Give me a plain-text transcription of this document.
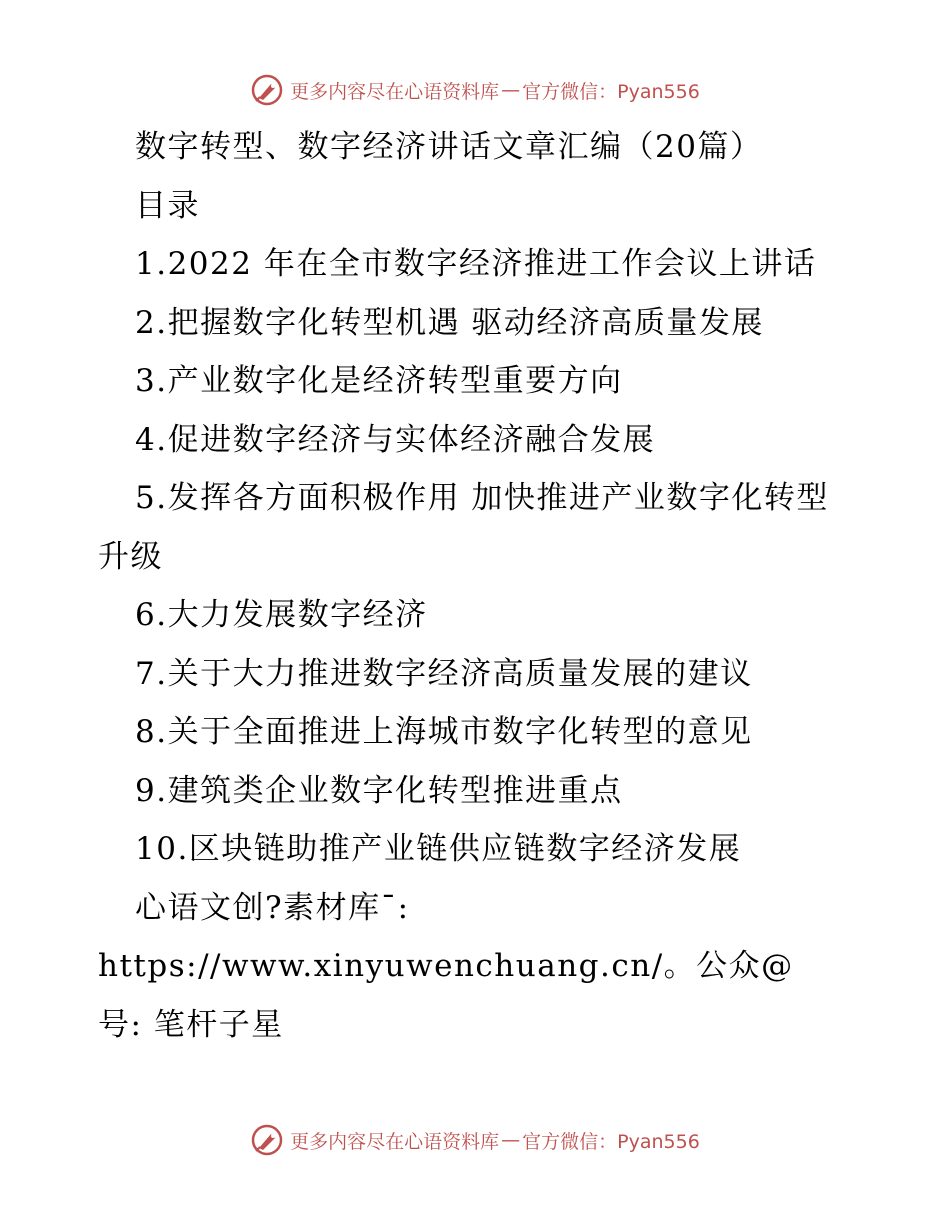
更多内容尽在心语资料库 — 官方微信：Pyan556

数字转型、数字经济讲话文章汇编（20篇）

目录

1.2022 年在全市数字经济推进工作会议上讲话

2.把握数字化转型机遇 驱动经济高质量发展

3.产业数字化是经济转型重要方向

4.促进数字经济与实体经济融合发展

5.发挥各方面积极作用 加快推进产业数字化转型升级

6.大力发展数字经济

7.关于大力推进数字经济高质量发展的建议

8.关于全面推进上海城市数字化转型的意见

9.建筑类企业数字化转型推进重点

10.区块链助推产业链供应链数字经济发展

心语文创?素材库¯: https://www.xinyuwenchuang.cn/。公众@号: 笔杆子星

更多内容尽在心语资料库 — 官方微信：Pyan556
